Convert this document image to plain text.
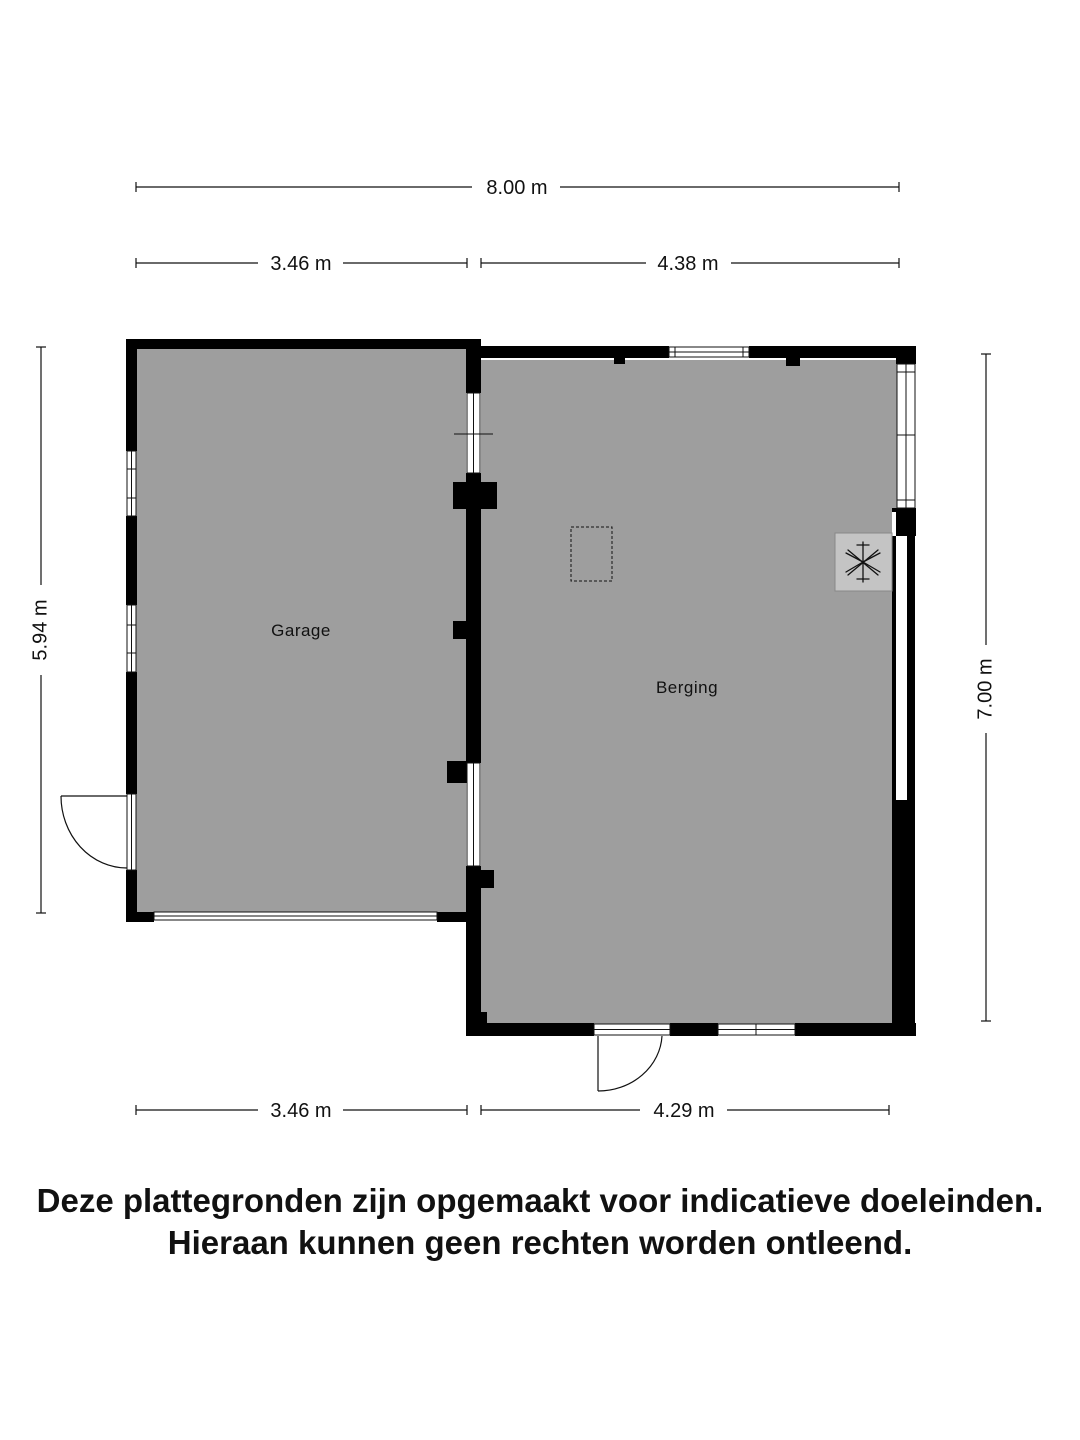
8.00 m
3.46 m	4.38 m
5.94 m
7.00 m
3.46 m	4.29 m
Garage
Berging
Deze plattegronden zijn opgemaakt voor indicatieve doeleinden.
Hieraan kunnen geen rechten worden ontleend.
